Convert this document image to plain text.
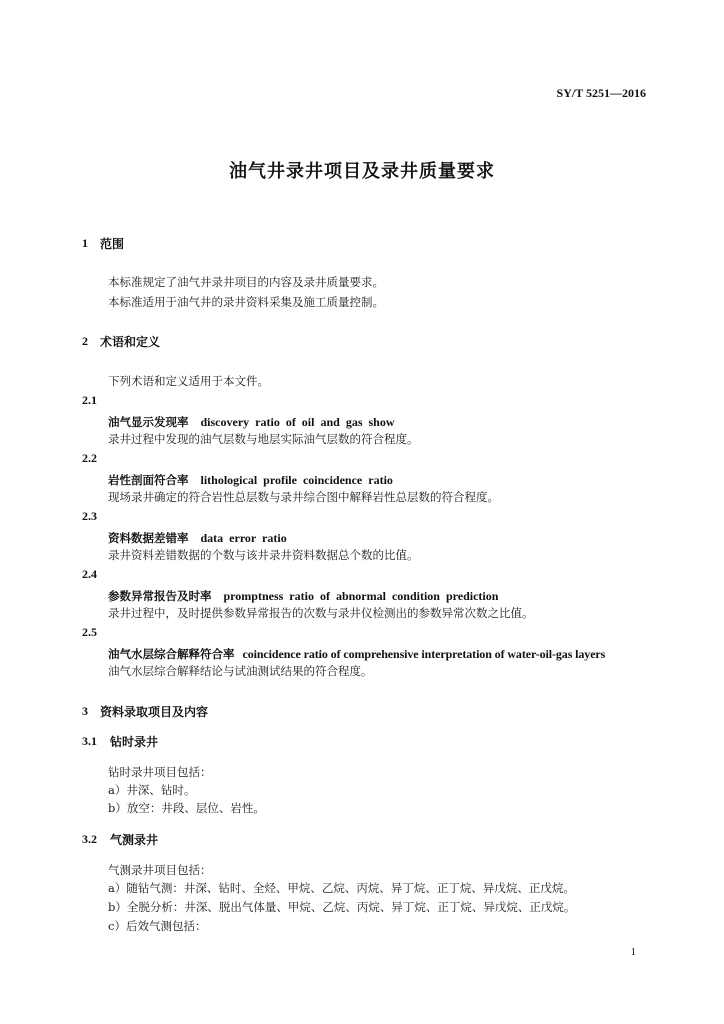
SY/T 5251—2016
油气井录井项目及录井质量要求
1 范围
本标准规定了油气井录井项目的内容及录井质量要求。
本标准适用于油气井的录井资料采集及施工质量控制。
2 术语和定义
下列术语和定义适用于本文件。
2.1
油气显示发现率 discovery ratio of oil and gas show
录井过程中发现的油气层数与地层实际油气层数的符合程度。
2.2
岩性剖面符合率 lithological profile coincidence ratio
现场录井确定的符合岩性总层数与录井综合图中解释岩性总层数的符合程度。
2.3
资料数据差错率 data error ratio
录井资料差错数据的个数与该井录井资料数据总个数的比值。
2.4
参数异常报告及时率 promptness ratio of abnormal condition prediction
录井过程中，及时提供参数异常报告的次数与录井仪检测出的参数异常次数之比值。
2.5
油气水层综合解释符合率 coincidence ratio of comprehensive interpretation of water-oil-gas layers
油气水层综合解释结论与试油测试结果的符合程度。
3 资料录取项目及内容
3.1 钻时录井
钻时录井项目包括：
a）井深、钻时。
b）放空：井段、层位、岩性。
3.2 气测录井
气测录井项目包括：
a）随钻气测：井深、钻时、全烃、甲烷、乙烷、丙烷、异丁烷、正丁烷、异戊烷、正戊烷。
b）全脱分析：井深、脱出气体量、甲烷、乙烷、丙烷、异丁烷、正丁烷、异戊烷、正戊烷。
c）后效气测包括：
1
